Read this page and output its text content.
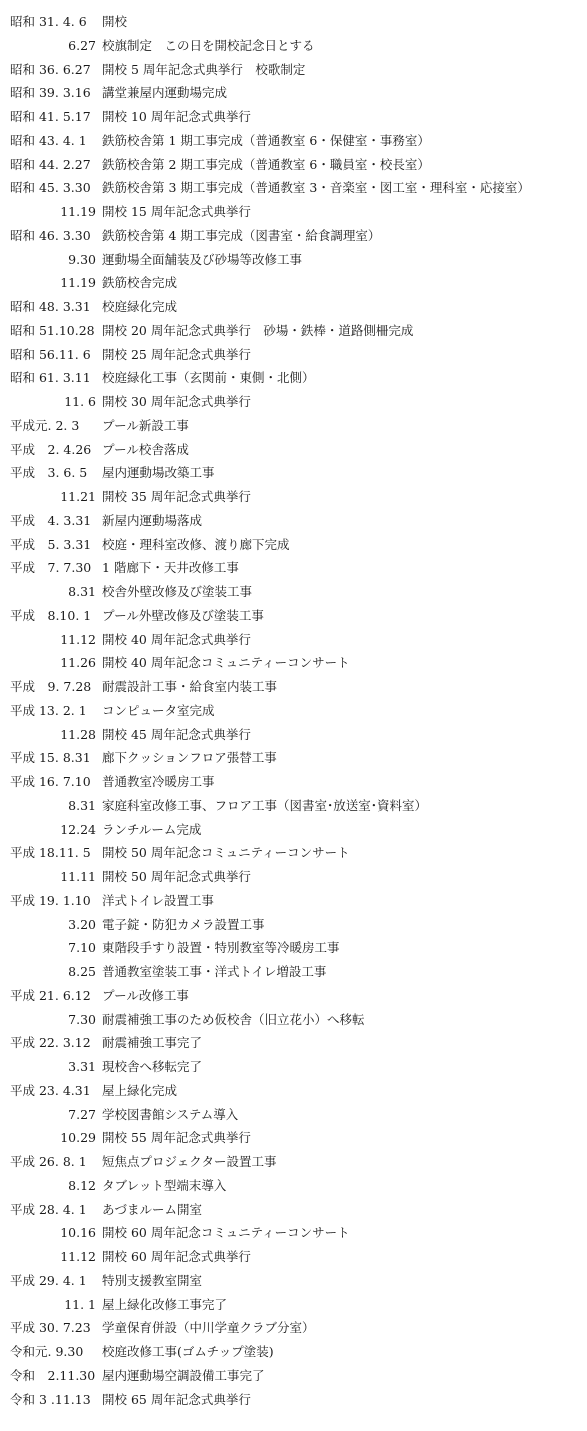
昭和 31. 4. 6 開校
6.27 校旗制定　この日を開校記念日とする
昭和 36. 6.27 開校 5 周年記念式典挙行　校歌制定
昭和 39. 3.16 講堂兼屋内運動場完成
昭和 41. 5.17 開校 10 周年記念式典挙行
昭和 43. 4. 1 鉄筋校舎第 1 期工事完成（普通教室 6・保健室・事務室）
昭和 44. 2.27 鉄筋校舎第 2 期工事完成（普通教室 6・職員室・校長室）
昭和 45. 3.30 鉄筋校舎第 3 期工事完成（普通教室 3・音楽室・図工室・理科室・応接室）
11.19 開校 15 周年記念式典挙行
昭和 46. 3.30 鉄筋校舎第 4 期工事完成（図書室・給食調理室）
9.30 運動場全面舗装及び砂場等改修工事
11.19 鉄筋校舎完成
昭和 48. 3.31 校庭緑化完成
昭和 51.10.28 開校 20 周年記念式典挙行　砂場・鉄棒・道路側柵完成
昭和 56.11. 6 開校 25 周年記念式典挙行
昭和 61. 3.11 校庭緑化工事（玄関前・東側・北側）
11. 6 開校 30 周年記念式典挙行
平成元. 2. 3 プール新設工事
平成　2. 4.26 プール校舎落成
平成　3. 6. 5 屋内運動場改築工事
11.21 開校 35 周年記念式典挙行
平成　4. 3.31 新屋内運動場落成
平成　5. 3.31 校庭・理科室改修、渡り廊下完成
平成　7. 7.30 1 階廊下・天井改修工事
8.31 校舎外壁改修及び塗装工事
平成　8.10. 1 プール外壁改修及び塗装工事
11.12 開校 40 周年記念式典挙行
11.26 開校 40 周年記念コミュニティーコンサート
平成　9. 7.28 耐震設計工事・給食室内装工事
平成 13. 2. 1 コンピュータ室完成
11.28 開校 45 周年記念式典挙行
平成 15. 8.31 廊下クッションフロア張替工事
平成 16. 7.10 普通教室冷暖房工事
8.31 家庭科室改修工事、フロア工事（図書室･放送室･資料室）
12.24 ランチルーム完成
平成 18.11. 5 開校 50 周年記念コミュニティーコンサート
11.11 開校 50 周年記念式典挙行
平成 19. 1.10 洋式トイレ設置工事
3.20 電子錠・防犯カメラ設置工事
7.10 東階段手すり設置・特別教室等冷暖房工事
8.25 普通教室塗装工事・洋式トイレ増設工事
平成 21. 6.12 プール改修工事
7.30 耐震補強工事のため仮校舎（旧立花小）へ移転
平成 22. 3.12 耐震補強工事完了
3.31 現校舎へ移転完了
平成 23. 4.31 屋上緑化完成
7.27 学校図書館システム導入
10.29 開校 55 周年記念式典挙行
平成 26. 8. 1 短焦点プロジェクター設置工事
8.12 タブレット型端末導入
平成 28. 4. 1 あづまルーム開室
10.16 開校 60 周年記念コミュニティーコンサート
11.12 開校 60 周年記念式典挙行
平成 29. 4. 1 特別支援教室開室
11. 1 屋上緑化改修工事完了
平成 30. 7.23 学童保育併設（中川学童クラブ分室）
令和元. 9.30 校庭改修工事(ゴムチップ塗装)
令和　2.11.30 屋内運動場空調設備工事完了
令和 3 .11.13 開校 65 周年記念式典挙行
